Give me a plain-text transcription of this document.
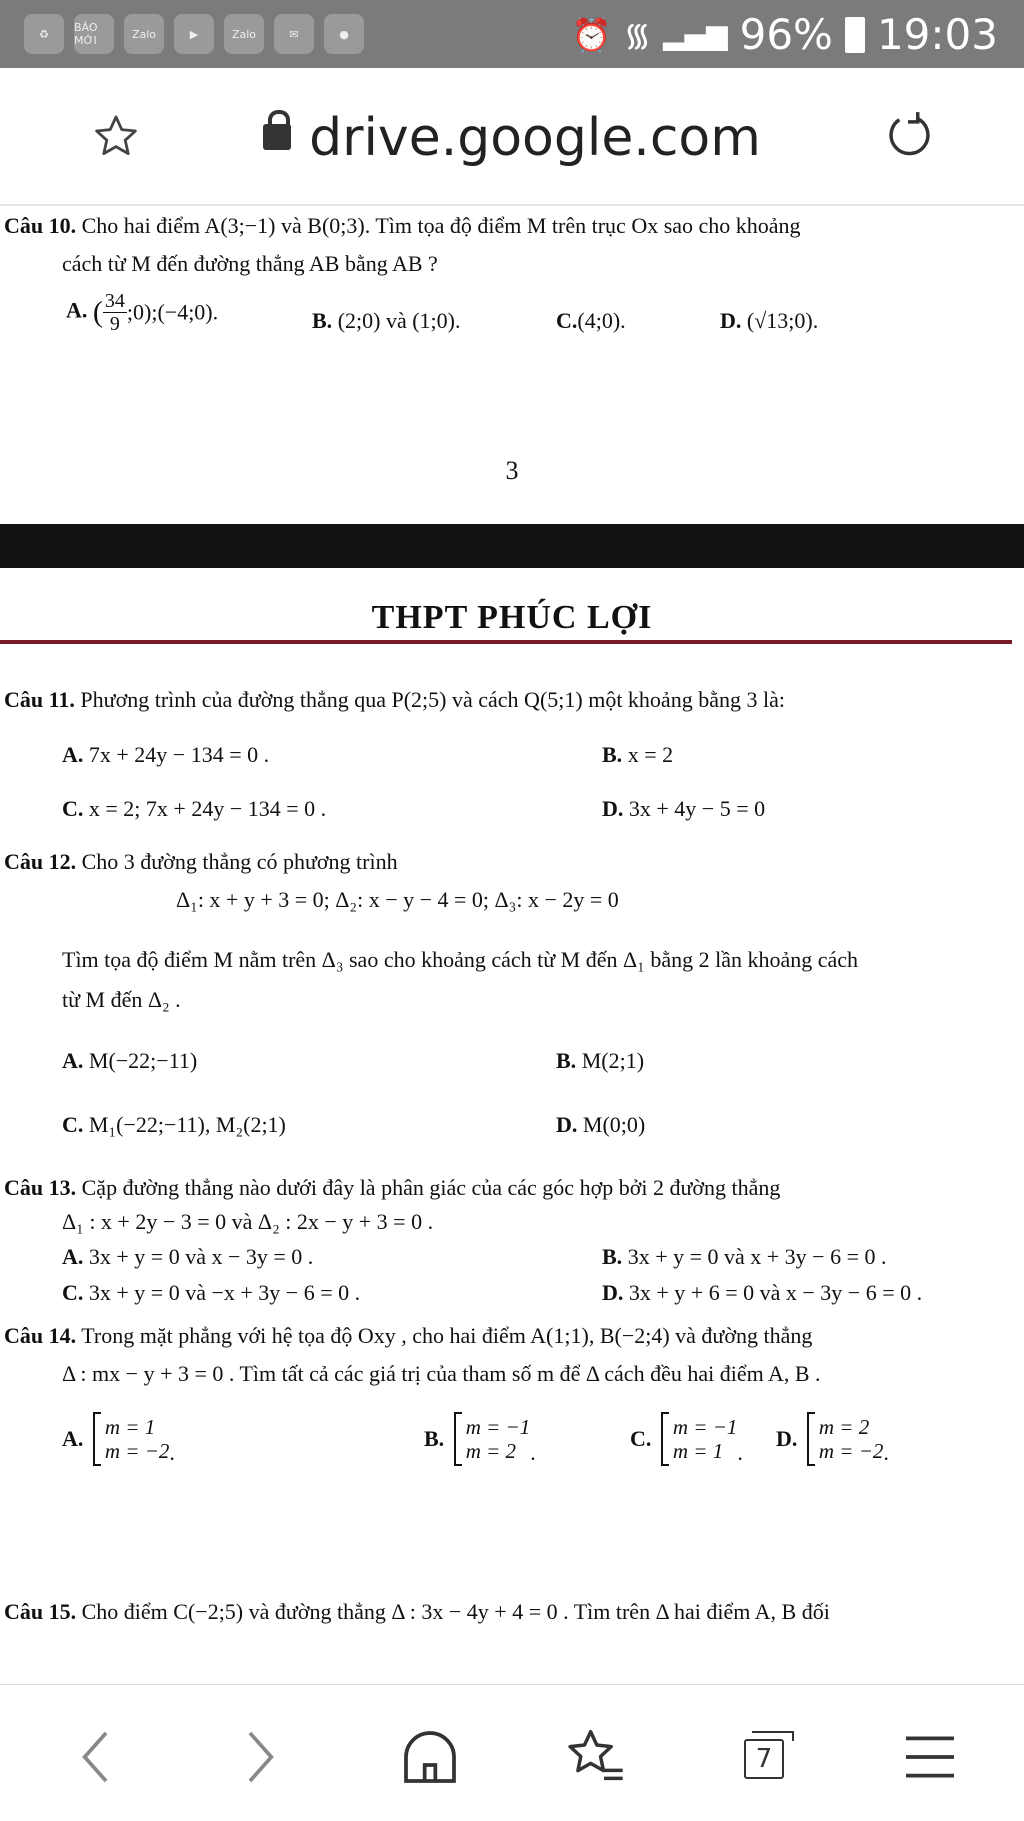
♻	BÁO MỚI	Zalo	▶	Zalo	✉	●	⏰ ᯾ ▂▄▆ 96% 19:03
drive.google.com
Câu 10. Cho hai điểm A(3;−1) và B(0;3). Tìm tọa độ điểm M trên trục Ox sao cho khoảng
cách từ M đến đường thẳng AB bằng AB ?
A. ( $\frac{34}{9};0);(-4;0)$.	B. (2;0) và (1;0).	C.(4;0).	D. (√13;0).
3
THPT PHÚC LỢI
Câu 11. Phương trình của đường thẳng qua P(2;5) và cách Q(5;1) một khoảng bằng 3 là:
A. 7x + 24y − 134 = 0 .	B. x = 2
C. x = 2; 7x + 24y − 134 = 0 .	D. 3x + 4y − 5 = 0
Câu 12. Cho 3 đường thẳng có phương trình
Δ₁: x + y + 3 = 0; Δ₂: x − y − 4 = 0; Δ₃: x − 2y = 0
Tìm tọa độ điểm M nằm trên Δ₃ sao cho khoảng cách từ M đến Δ₁ bằng 2 lần khoảng cách
từ M đến Δ₂ .
A. M(−22;−11)	B. M(2;1)
C. M₁(−22;−11), M₂(2;1)	D. M(0;0)
Câu 13. Cặp đường thẳng nào dưới đây là phân giác của các góc hợp bởi 2 đường thẳng
Δ₁ : x + 2y − 3 = 0 và Δ₂ : 2x − y + 3 = 0 .
A. 3x + y = 0 và x − 3y = 0 .	B. 3x + y = 0 và x + 3y − 6 = 0 .
C. 3x + y = 0 và −x + 3y − 6 = 0 .	D. 3x + y + 6 = 0 và x − 3y − 6 = 0 .
Câu 14. Trong mặt phẳng với hệ tọa độ Oxy , cho hai điểm A(1;1), B(−2;4) và đường thẳng
Δ : mx − y + 3 = 0 . Tìm tất cả các giá trị của tham số m để Δ cách đều hai điểm A, B .
A. m = 1
m = −2.
B. m = −1
m = 2 .
C. m = −1
m = 1 .
D. m = 2
m = −2.
Câu 15. Cho điểm C(−2;5) và đường thẳng Δ : 3x − 4y + 4 = 0 . Tìm trên Δ hai điểm A, B đối
7
